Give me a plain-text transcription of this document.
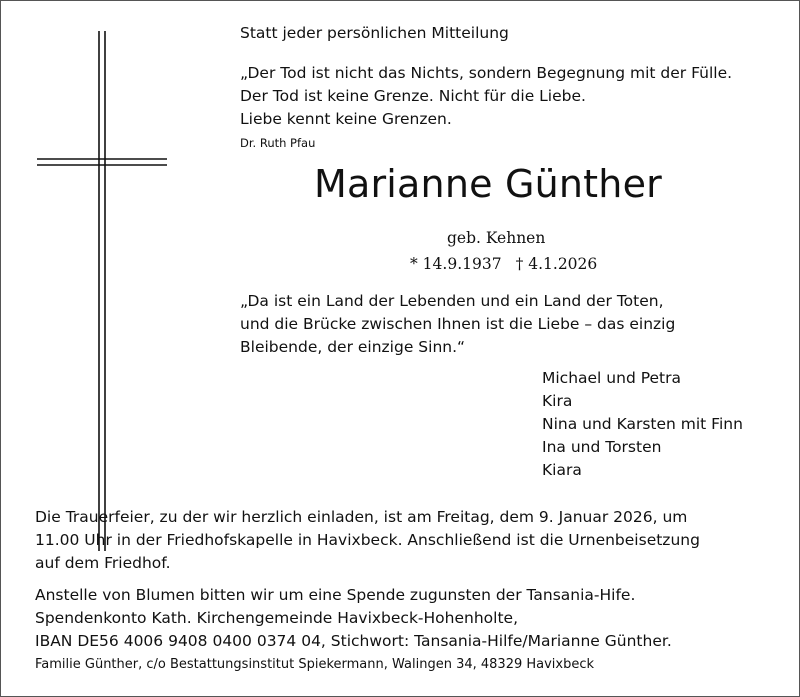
Statt jeder persönlichen Mitteilung
„Der Tod ist nicht das Nichts, sondern Begegnung mit der Fülle.
Der Tod ist keine Grenze. Nicht für die Liebe.
Liebe kennt keine Grenzen.
Dr. Ruth Pfau
Marianne Günther
geb. Kehnen
* 14.9.1937 † 4.1.2026
„Da ist ein Land der Lebenden und ein Land der Toten,
und die Brücke zwischen Ihnen ist die Liebe – das einzig
Bleibende, der einzige Sinn.“
Michael und Petra
Kira
Nina und Karsten mit Finn
Ina und Torsten
Kiara
Die Trauerfeier, zu der wir herzlich einladen, ist am Freitag, dem 9. Januar 2026, um
11.00 Uhr in der Friedhofskapelle in Havixbeck. Anschließend ist die Urnenbeisetzung
auf dem Friedhof.
Anstelle von Blumen bitten wir um eine Spende zugunsten der Tansania-Hife.
Spendenkonto Kath. Kirchengemeinde Havixbeck-Hohenholte,
IBAN DE56 4006 9408 0400 0374 04, Stichwort: Tansania-Hilfe/Marianne Günther.
Familie Günther, c/o Bestattungsinstitut Spiekermann, Walingen 34, 48329 Havixbeck
